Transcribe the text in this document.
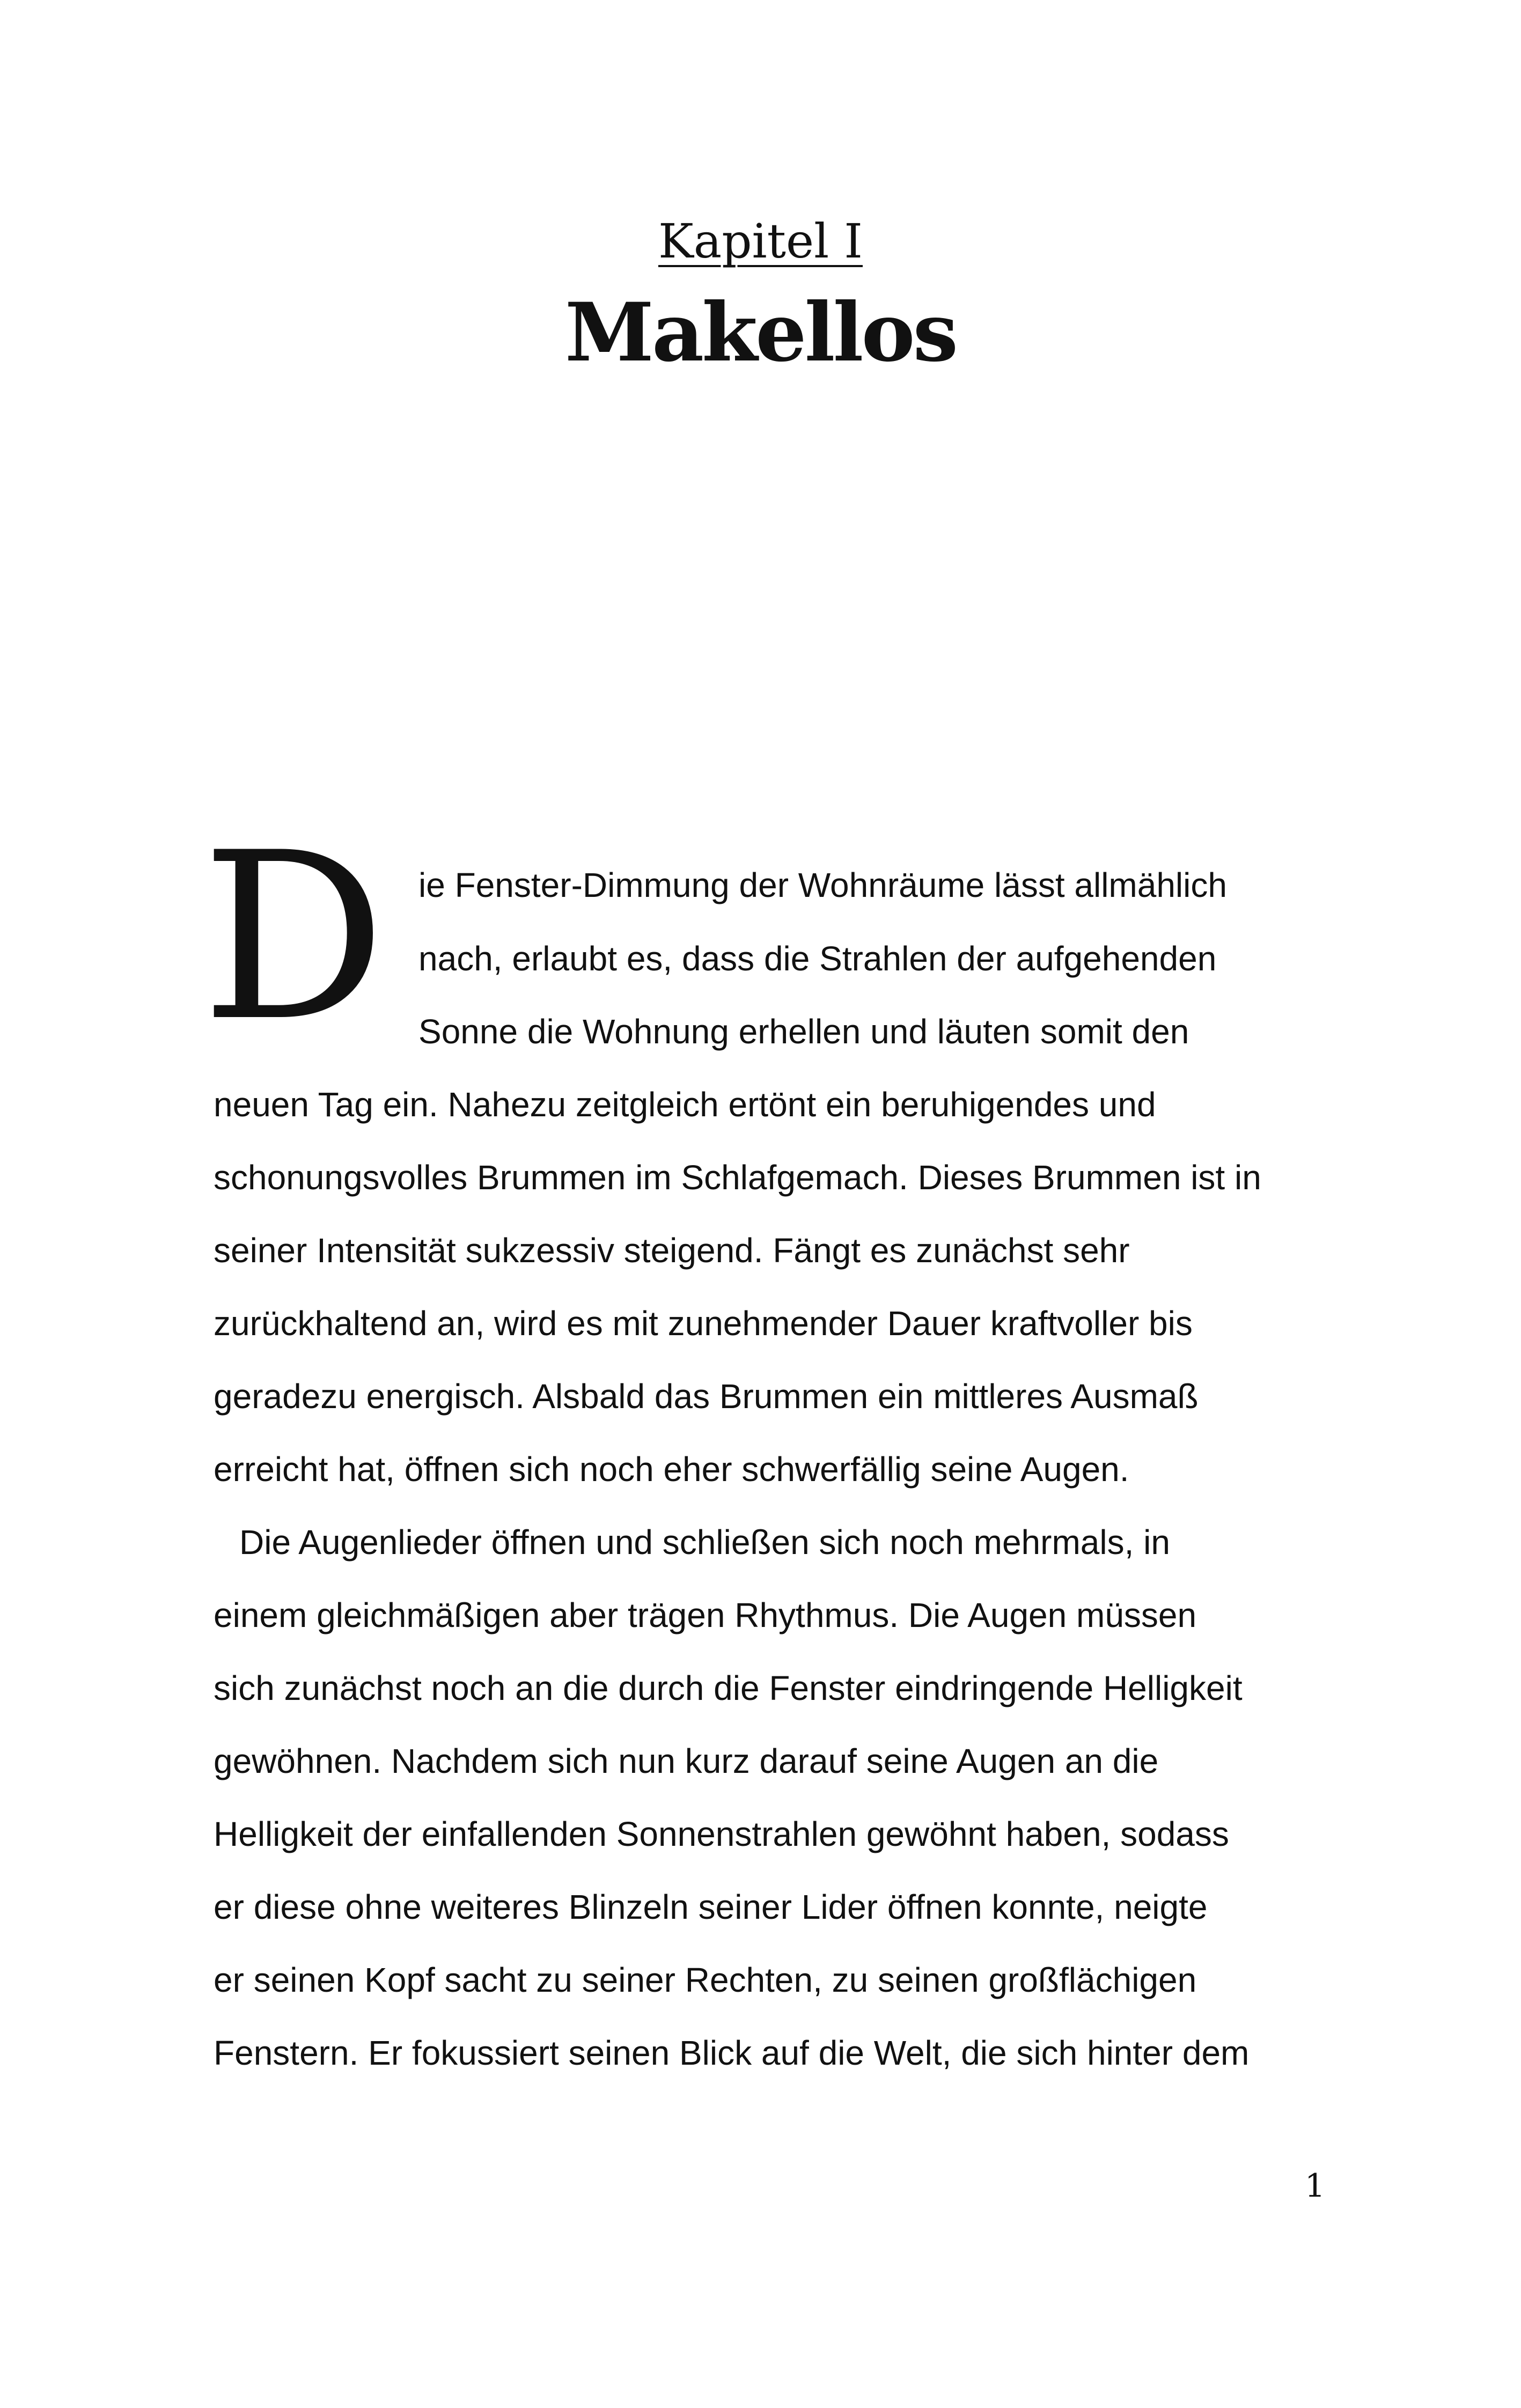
Kapitel I
Makellos
D ie Fenster-Dimmung der Wohnräume lässt allmählich
nach, erlaubt es, dass die Strahlen der aufgehenden
Sonne die Wohnung erhellen und läuten somit den
neuen Tag ein. Nahezu zeitgleich ertönt ein beruhigendes und
schonungsvolles Brummen im Schlafgemach. Dieses Brummen ist in
seiner Intensität sukzessiv steigend. Fängt es zunächst sehr
zurückhaltend an, wird es mit zunehmender Dauer kraftvoller bis
geradezu energisch. Alsbald das Brummen ein mittleres Ausmaß
erreicht hat, öffnen sich noch eher schwerfällig seine Augen.
Die Augenlieder öffnen und schließen sich noch mehrmals, in
einem gleichmäßigen aber trägen Rhythmus. Die Augen müssen
sich zunächst noch an die durch die Fenster eindringende Helligkeit
gewöhnen. Nachdem sich nun kurz darauf seine Augen an die
Helligkeit der einfallenden Sonnenstrahlen gewöhnt haben, sodass
er diese ohne weiteres Blinzeln seiner Lider öffnen konnte, neigte
er seinen Kopf sacht zu seiner Rechten, zu seinen großflächigen
Fenstern. Er fokussiert seinen Blick auf die Welt, die sich hinter dem
1
